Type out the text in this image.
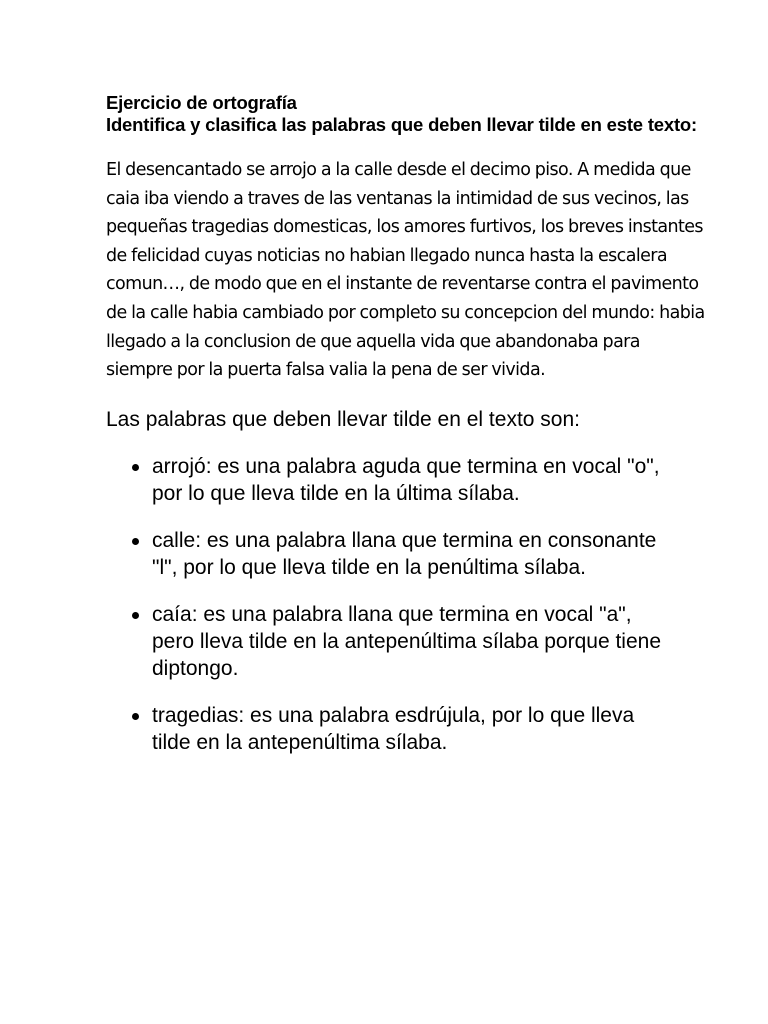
Ejercicio de ortografía

Identifica y clasifica las palabras que deben llevar tilde en este texto:

El desencantado se arrojo a la calle desde el decimo piso. A medida que caia iba viendo a traves de las ventanas la intimidad de sus vecinos, las pequeñas tragedias domesticas, los amores furtivos, los breves instantes de felicidad cuyas noticias no habian llegado nunca hasta la escalera comun…, de modo que en el instante de reventarse contra el pavimento de la calle habia cambiado por completo su concepcion del mundo: habia llegado a la conclusion de que aquella vida que abandonaba para siempre por la puerta falsa valia la pena de ser vivida.

Las palabras que deben llevar tilde en el texto son:

arrojó: es una palabra aguda que termina en vocal "o", por lo que lleva tilde en la última sílaba.
calle: es una palabra llana que termina en consonante "l", por lo que lleva tilde en la penúltima sílaba.
caía: es una palabra llana que termina en vocal "a", pero lleva tilde en la antepenúltima sílaba porque tiene diptongo.
tragedias: es una palabra esdrújula, por lo que lleva tilde en la antepenúltima sílaba.
